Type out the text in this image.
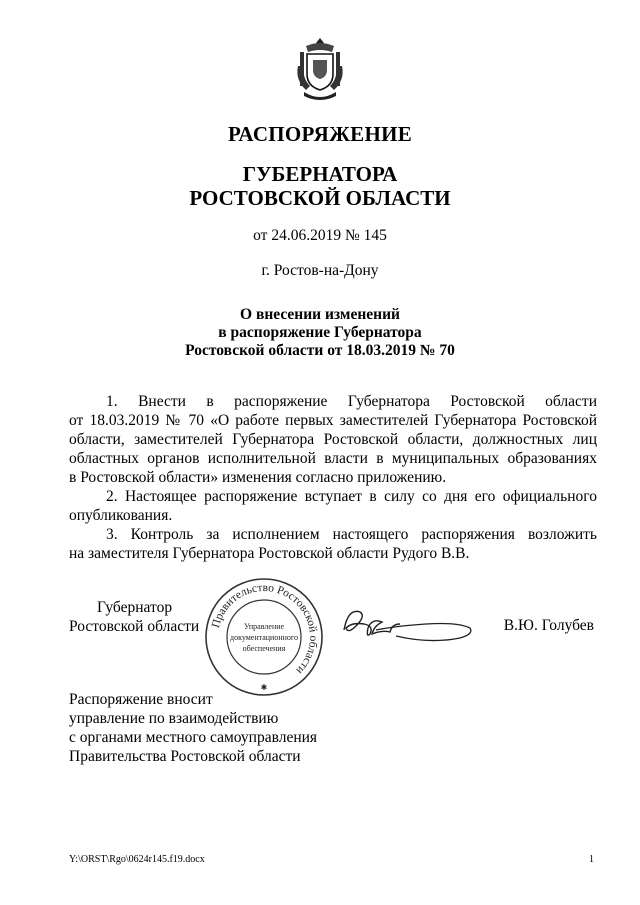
РАСПОРЯЖЕНИЕ
ГУБЕРНАТОРА
РОСТОВСКОЙ ОБЛАСТИ
от 24.06.2019 № 145
г. Ростов-на-Дону
О внесении изменений
в распоряжение Губернатора
Ростовской области от 18.03.2019 № 70
1. Внести в распоряжение Губернатора Ростовской области
от 18.03.2019 № 70 «О работе первых заместителей Губернатора Ростовской
области, заместителей Губернатора Ростовской области, должностных лиц
областных органов исполнительной власти в муниципальных образованиях
в Ростовской области» изменения согласно приложению.
2. Настоящее распоряжение вступает в силу со дня его официального
опубликования.
3. Контроль за исполнением настоящего распоряжения возложить
на заместителя Губернатора Ростовской области Рудого В.В.
Губернатор
Ростовской области Правительство Ростовской области
Управление
документационного
обеспечения
✱
В.Ю. Голубев
Распоряжение вносит
управление по взаимодействию
с органами местного самоуправления
Правительства Ростовской области
Y:\ORST\Rgo\0624r145.f19.docx	1
